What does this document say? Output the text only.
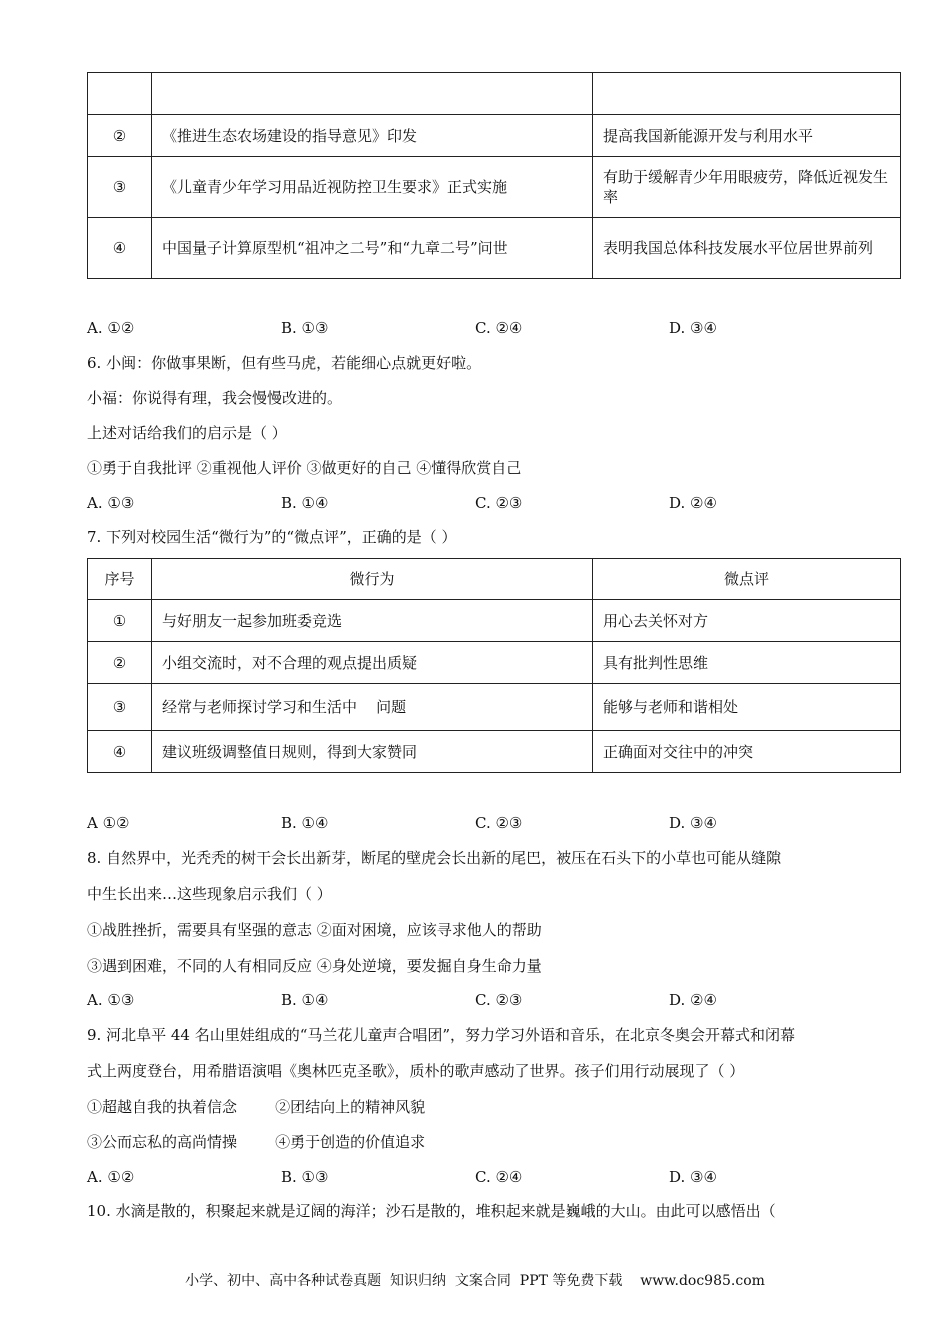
②	《推进生态农场建设的指导意见》印发	提高我国新能源开发与利用水平
③	《儿童青少年学习用品近视防控卫生要求》正式实施	有助于缓解青少年用眼疲劳，降低近视发生率
④	中国量子计算原型机“祖冲之二号”和“九章二号”问世	表明我国总体科技发展水平位居世界前列
A. ①②	B. ①③	C. ②④	D. ③④
6. 小闽：你做事果断，但有些马虎，若能细心点就更好啦。
小福：你说得有理，我会慢慢改进的。
上述对话给我们的启示是（ ）
①勇于自我批评 ②重视他人评价 ③做更好的自己 ④懂得欣赏自己
A. ①③	B. ①④	C. ②③	D. ②④
7. 下列对校园生活“微行为”的“微点评”，正确的是（ ）
序号	微行为	微点评
①	与好朋友一起参加班委竞选	用心去关怀对方
②	小组交流时，对不合理的观点提出质疑	具有批判性思维
③	经常与老师探讨学习和生活中    问题	能够与老师和谐相处
④	建议班级调整值日规则，得到大家赞同	正确面对交往中的冲突
A ①②	B. ①④	C. ②③	D. ③④
8. 自然界中，光秃秃的树干会长出新芽，断尾的壁虎会长出新的尾巴，被压在石头下的小草也可能从缝隙
中生长出来…这些现象启示我们（ ）
①战胜挫折，需要具有坚强的意志 ②面对困境，应该寻求他人的帮助
③遇到困难，不同的人有相同反应 ④身处逆境，要发掘自身生命力量
A. ①③	B. ①④	C. ②③	D. ②④
9. 河北阜平 44 名山里娃组成的“马兰花儿童声合唱团”，努力学习外语和音乐，在北京冬奥会开幕式和闭幕
式上两度登台，用希腊语演唱《奥林匹克圣歌》，质朴的歌声感动了世界。孩子们用行动展现了（ ）
①超越自我的执着信念        ②团结向上的精神风貌
③公而忘私的高尚情操        ④勇于创造的价值追求
A. ①②	B. ①③	C. ②④	D. ③④
10. 水滴是散的，积聚起来就是辽阔的海洋；沙石是散的，堆积起来就是巍峨的大山。由此可以感悟出（
小学、初中、高中各种试卷真题  知识归纳  文案合同  PPT 等免费下载    www.doc985.com
